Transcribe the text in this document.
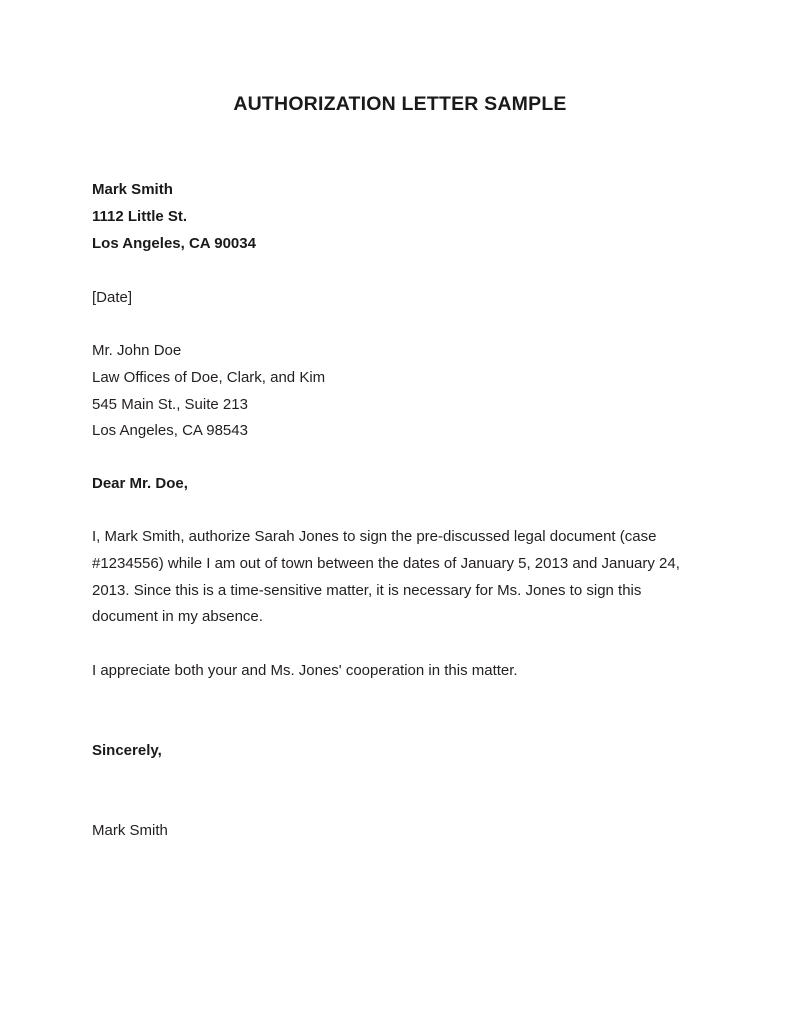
AUTHORIZATION LETTER SAMPLE
Mark Smith
1112 Little St.
Los Angeles, CA 90034
[Date]
Mr. John Doe
Law Offices of Doe, Clark, and Kim
545 Main St., Suite 213
Los Angeles, CA 98543
Dear Mr. Doe,

I, Mark Smith, authorize Sarah Jones to sign the pre-discussed legal document (case #1234556) while I am out of town between the dates of January 5, 2013 and January 24, 2013. Since this is a time-sensitive matter, it is necessary for Ms. Jones to sign this document in my absence.

I appreciate both your and Ms. Jones' cooperation in this matter.

Sincerely,
Mark Smith
